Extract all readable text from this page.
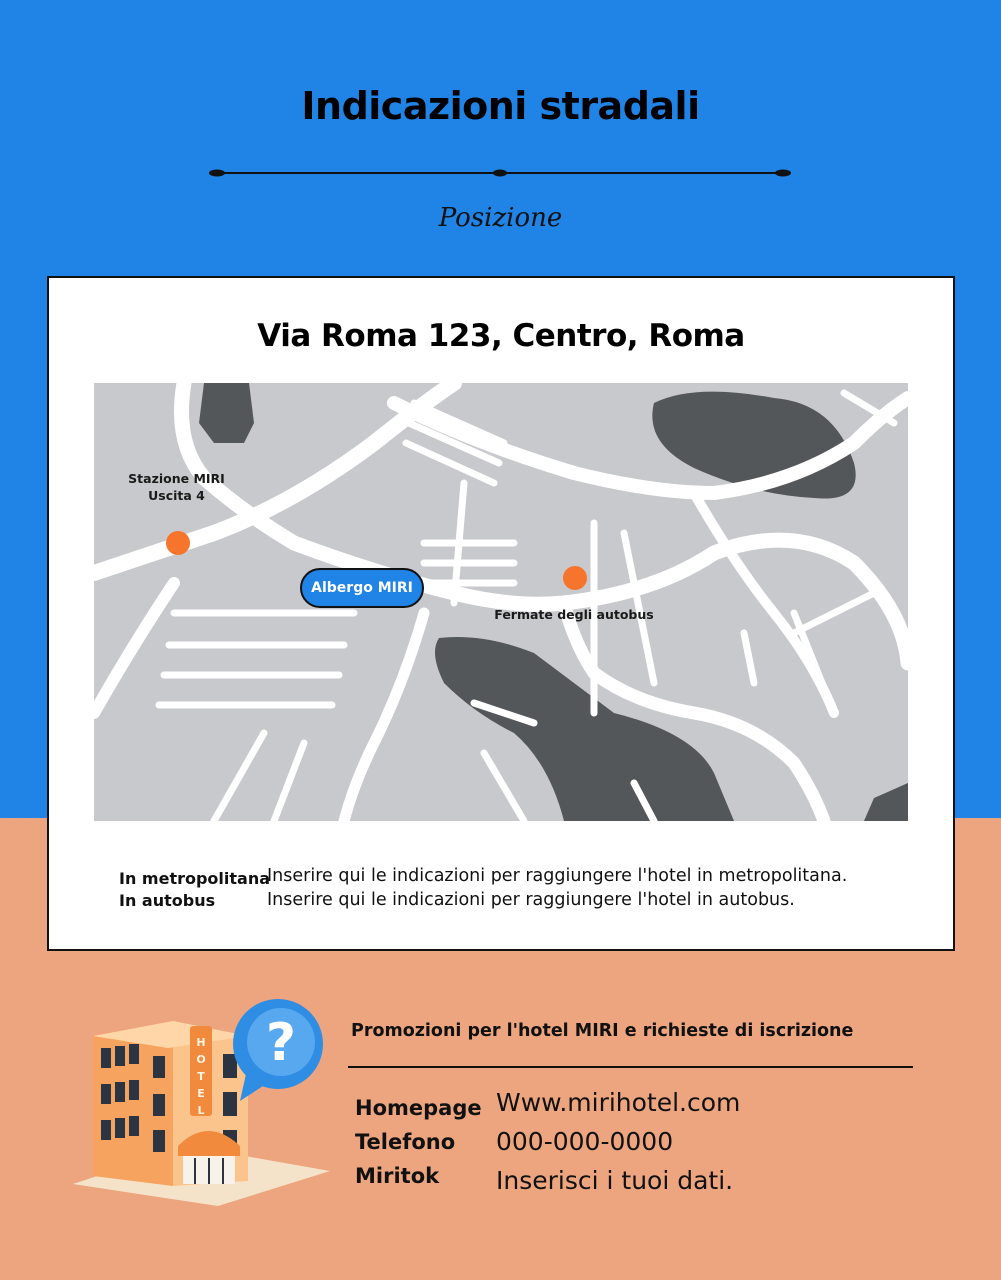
Indicazioni stradali
Posizione
Via Roma 123, Centro, Roma
Stazione MIRI
Uscita 4
Albergo MIRI
Fermate degli autobus
In metropolitana
Inserire qui le indicazioni per raggiungere l'hotel in metropolitana.
In autobus	Inserire qui le indicazioni per raggiungere l'hotel in autobus.
H
O
T
E
L
?	Promozioni per l'hotel MIRI e richieste di iscrizione
Homepage Www.mirihotel.com
Telefono 000-000-0000
Miritok Inserisci i tuoi dati.
